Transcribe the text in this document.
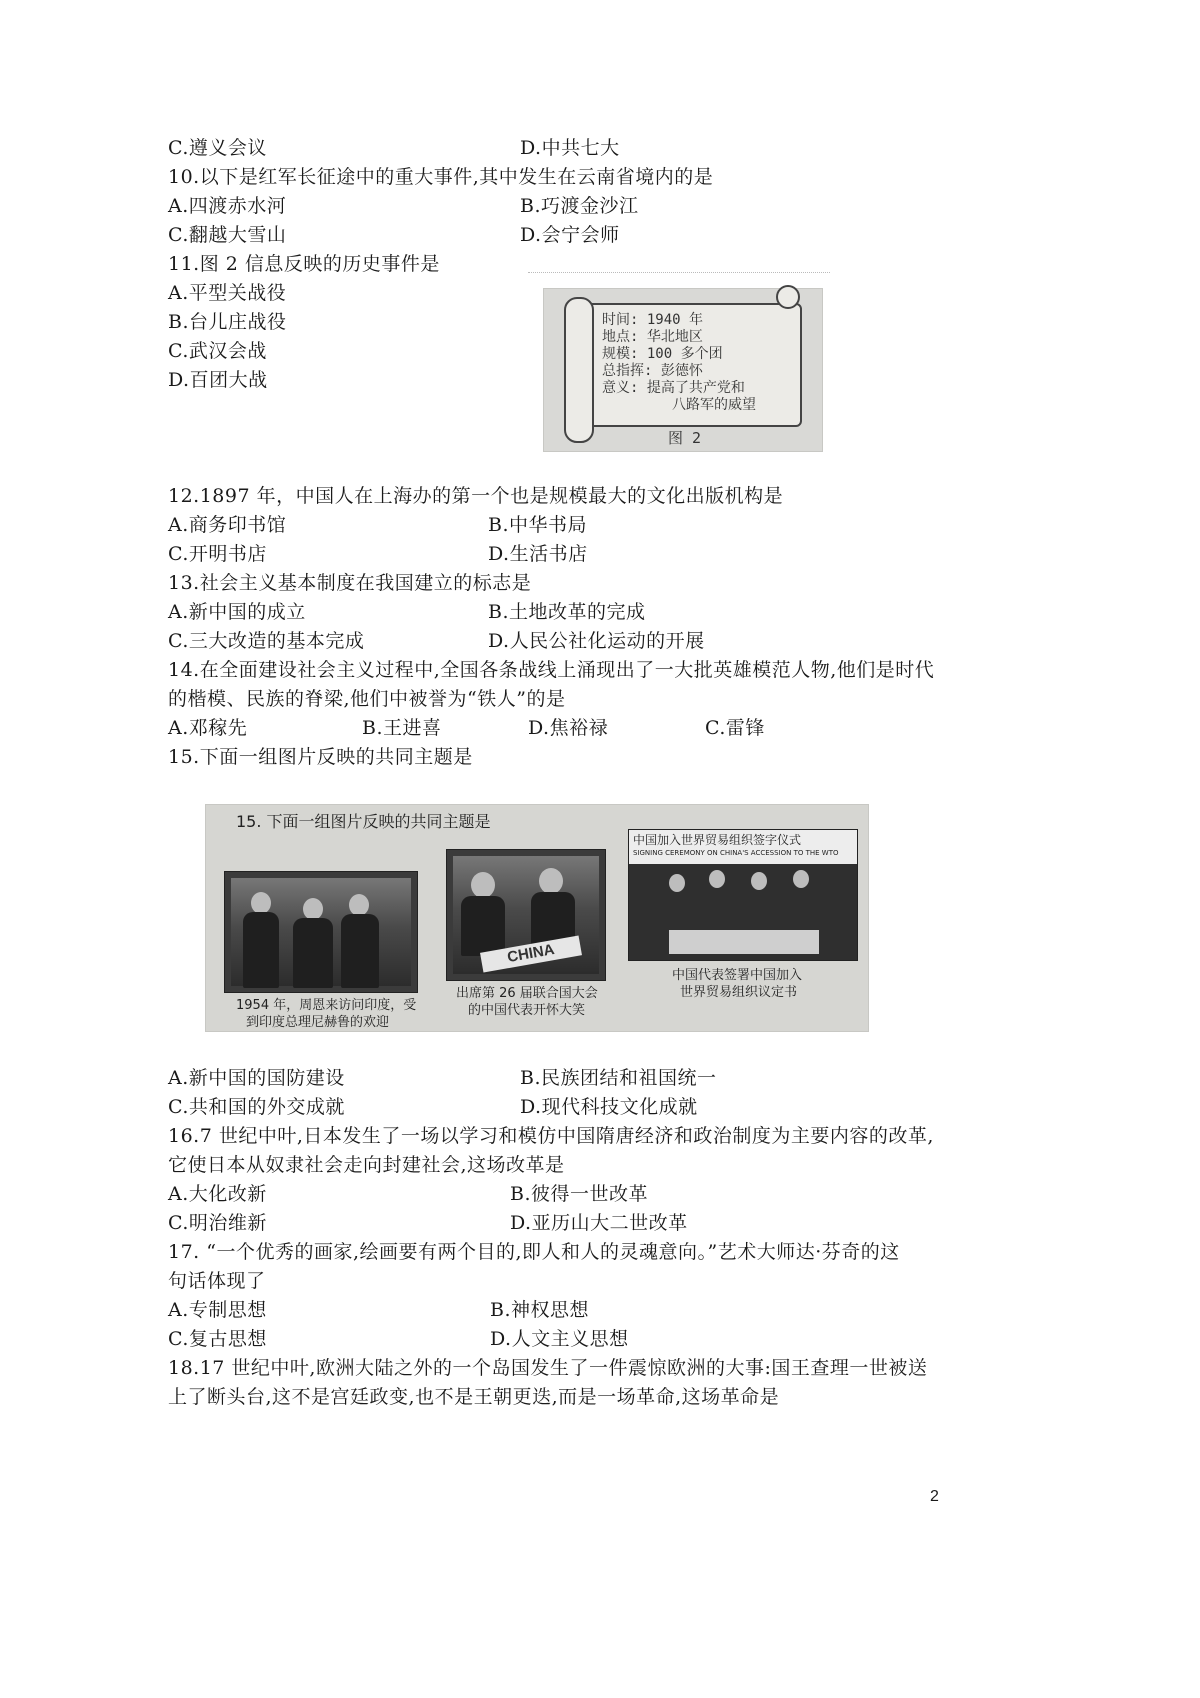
C.遵义会议	D.中共七大
10.以下是红军长征途中的重大事件,其中发生在云南省境内的是
A.四渡赤水河	B.巧渡金沙江
C.翻越大雪山	D.会宁会师
11.图 2 信息反映的历史事件是
A.平型关战役
B.台儿庄战役
C.武汉会战
D.百团大战
时间: 1940 年
地点: 华北地区
规模: 100 多个团
总指挥: 彭德怀
意义: 提高了共产党和
八路军的威望
图 2
12.1897 年，中国人在上海办的第一个也是规模最大的文化出版机构是
A.商务印书馆	B.中华书局
C.开明书店	D.生活书店
13.社会主义基本制度在我国建立的标志是
A.新中国的成立	B.土地改革的完成
C.三大改造的基本完成	D.人民公社化运动的开展
14.在全面建设社会主义过程中,全国各条战线上涌现出了一大批英雄模范人物,他们是时代
的楷模、民族的脊梁,他们中被誉为“铁人”的是
A.邓稼先	B.王进喜	D.焦裕禄	C.雷锋
15.下面一组图片反映的共同主题是
15. 下面一组图片反映的共同主题是
1954 年，周恩来访问印度，受
到印度总理尼赫鲁的欢迎
CHINA
出席第 26 届联合国大会
的中国代表开怀大笑
中国加入世界贸易组织签字仪式
SIGNING CEREMONY ON CHINA'S ACCESSION TO THE WTO
中国代表签署中国加入
世界贸易组织议定书
A.新中国的国防建设	B.民族团结和祖国统一
C.共和国的外交成就	D.现代科技文化成就
16.7 世纪中叶,日本发生了一场以学习和模仿中国隋唐经济和政治制度为主要内容的改革,
它使日本从奴隶社会走向封建社会,这场改革是
A.大化改新	B.彼得一世改革
C.明治维新	D.亚历山大二世改革
17. “一个优秀的画家,绘画要有两个目的,即人和人的灵魂意向。”艺术大师达·芬奇的这
句话体现了
A.专制思想	B.神权思想
C.复古思想	D.人文主义思想
18.17 世纪中叶,欧洲大陆之外的一个岛国发生了一件震惊欧洲的大事:国王查理一世被送
上了断头台,这不是宫廷政变,也不是王朝更迭,而是一场革命,这场革命是
2
